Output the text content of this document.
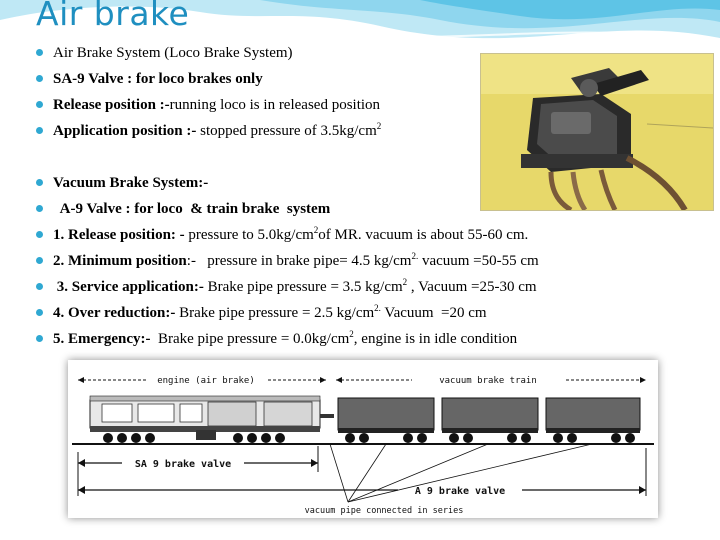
Air brake
Air Brake System (Loco Brake System)
SA-9 Valve : for loco brakes only
Release position :-running loco is in released position
Application position :- stopped pressure of $3.5kg/cm^2$
Vacuum Brake System:-
A-9 Valve : for loco  & train brake  system
1. Release position: - pressure to $5.0kg/cm^2of$ MR. vacuum is about 55-60 cm.
2. Minimum position:-   pressure in brake pipe= 4.5 $kg/cm^{2.}$ vacuum =50-55 cm
3. Service application:- Brake pipe pressure = 3.5 $kg/cm^2$ , Vacuum =25-30 cm
4. Over reduction:- Brake pipe pressure = 2.5 $kg/cm^{2.}$ Vacuum  =20 cm
5. Emergency:-  Brake pipe pressure = $0.0kg/cm^2$, engine is in idle condition
engine (air brake)	vacuum brake train
SA 9 brake valve
A 9 brake valve
vacuum pipe connected in series
